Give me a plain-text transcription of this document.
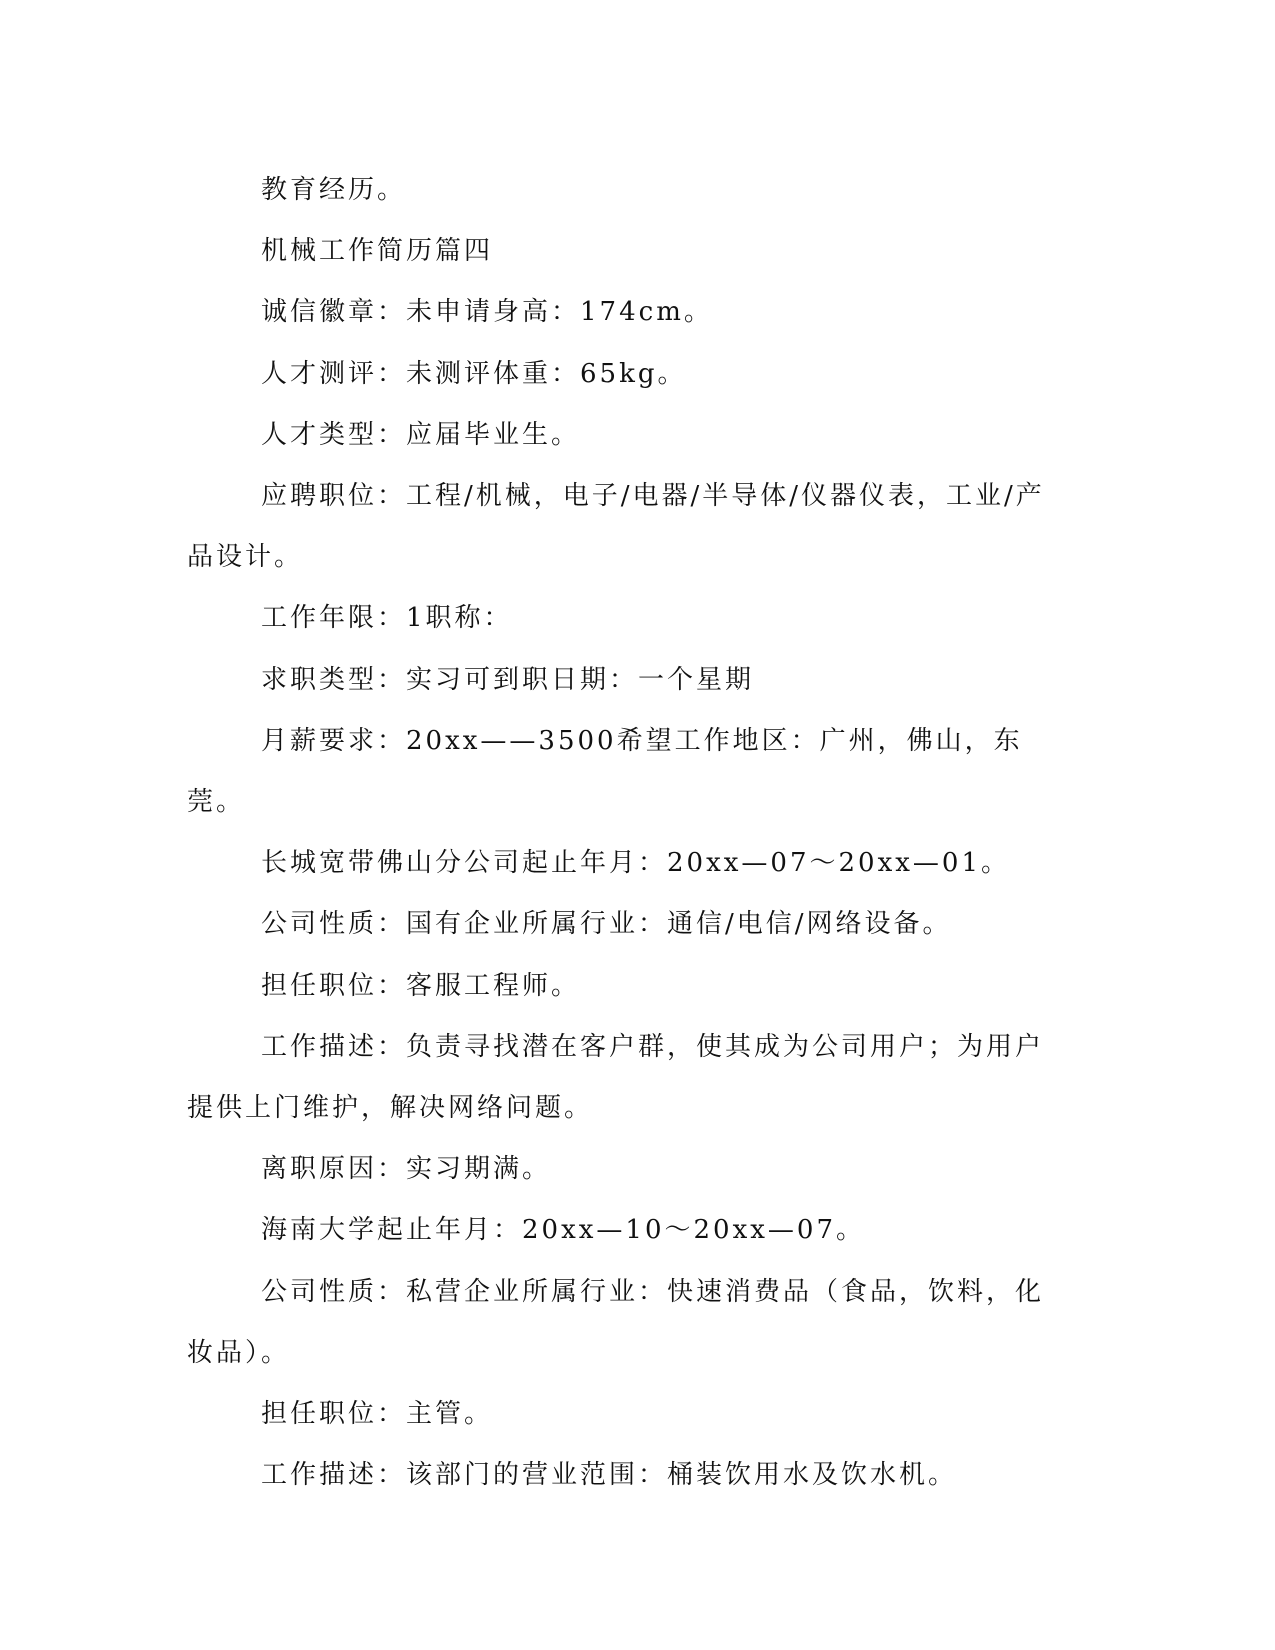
教育经历。

机械工作简历篇四

诚信徽章：未申请身高：174cm。

人才测评：未测评体重：65kg。

人才类型：应届毕业生。

应聘职位：工程/机械，电子/电器/半导体/仪器仪表，工业/产品设计。

工作年限：1职称：

求职类型：实习可到职日期：一个星期

月薪要求：20xx——3500希望工作地区：广州，佛山，东莞。

长城宽带佛山分公司起止年月：20xx—07～20xx—01。

公司性质：国有企业所属行业：通信/电信/网络设备。

担任职位：客服工程师。

工作描述：负责寻找潜在客户群，使其成为公司用户；为用户提供上门维护，解决网络问题。

离职原因：实习期满。

海南大学起止年月：20xx—10～20xx—07。

公司性质：私营企业所属行业：快速消费品（食品，饮料，化妆品）。

担任职位：主管。

工作描述：该部门的营业范围：桶装饮用水及饮水机。
